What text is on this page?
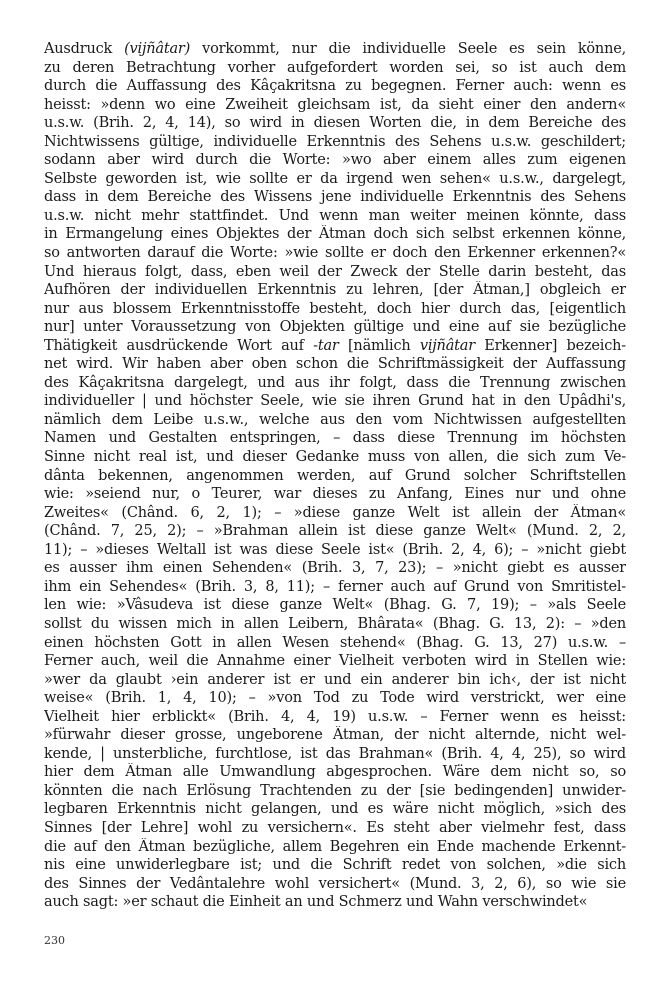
Ausdruck (vijñâtar) vorkommt, nur die individuelle Seele es sein könne,
zu deren Betrachtung vorher aufgefordert worden sei, so ist auch dem
durch die Auffassung des Kâçakritsna zu begegnen. Ferner auch: wenn es
heisst: »denn wo eine Zweiheit gleichsam ist, da sieht einer den andern«
u.s.w. (Brih. 2, 4, 14), so wird in diesen Worten die, in dem Bereiche des
Nichtwissens gültige, individuelle Erkenntnis des Sehens u.s.w. geschildert;
sodann aber wird durch die Worte: »wo aber einem alles zum eigenen
Selbste geworden ist, wie sollte er da irgend wen sehen« u.s.w., dargelegt,
dass in dem Bereiche des Wissens jene individuelle Erkenntnis des Sehens
u.s.w. nicht mehr stattfindet. Und wenn man weiter meinen könnte, dass
in Ermangelung eines Objektes der Âtman doch sich selbst erkennen könne,
so antworten darauf die Worte: »wie sollte er doch den Erkenner erkennen?«
Und hieraus folgt, dass, eben weil der Zweck der Stelle darin besteht, das
Aufhören der individuellen Erkenntnis zu lehren, [der Âtman,] obgleich er
nur aus blossem Erkenntnisstoffe besteht, doch hier durch das, [eigentlich
nur] unter Voraussetzung von Objekten gültige und eine auf sie bezügliche
Thätigkeit ausdrückende Wort auf -tar [nämlich vijñâtar Erkenner] bezeich-
net wird. Wir haben aber oben schon die Schriftmässigkeit der Auffassung
des Kâçakritsna dargelegt, und aus ihr folgt, dass die Trennung zwischen
individueller | und höchster Seele, wie sie ihren Grund hat in den Upâdhi's,
nämlich dem Leibe u.s.w., welche aus den vom Nichtwissen aufgestellten
Namen und Gestalten entspringen, – dass diese Trennung im höchsten
Sinne nicht real ist, und dieser Gedanke muss von allen, die sich zum Ve-
dânta bekennen, angenommen werden, auf Grund solcher Schriftstellen
wie: »seiend nur, o Teurer, war dieses zu Anfang, Eines nur und ohne
Zweites« (Chând. 6, 2, 1); – »diese ganze Welt ist allein der Âtman«
(Chând. 7, 25, 2); – »Brahman allein ist diese ganze Welt« (Mund. 2, 2,
11); – »dieses Weltall ist was diese Seele ist« (Brih. 2, 4, 6); – »nicht giebt
es ausser ihm einen Sehenden« (Brih. 3, 7, 23); – »nicht giebt es ausser
ihm ein Sehendes« (Brih. 3, 8, 11); – ferner auch auf Grund von Smritistel-
len wie: »Vâsudeva ist diese ganze Welt« (Bhag. G. 7, 19); – »als Seele
sollst du wissen mich in allen Leibern, Bhârata« (Bhag. G. 13, 2): – »den
einen höchsten Gott in allen Wesen stehend« (Bhag. G. 13, 27) u.s.w. –
Ferner auch, weil die Annahme einer Vielheit verboten wird in Stellen wie:
»wer da glaubt ›ein anderer ist er und ein anderer bin ich‹, der ist nicht
weise« (Brih. 1, 4, 10); – »von Tod zu Tode wird verstrickt, wer eine
Vielheit hier erblickt« (Brih. 4, 4, 19) u.s.w. – Ferner wenn es heisst:
»fürwahr dieser grosse, ungeborene Âtman, der nicht alternde, nicht wel-
kende, | unsterbliche, furchtlose, ist das Brahman« (Brih. 4, 4, 25), so wird
hier dem Âtman alle Umwandlung abgesprochen. Wäre dem nicht so, so
könnten die nach Erlösung Trachtenden zu der [sie bedingenden] unwider-
legbaren Erkenntnis nicht gelangen, und es wäre nicht möglich, »sich des
Sinnes [der Lehre] wohl zu versichern«. Es steht aber vielmehr fest, dass
die auf den Âtman bezügliche, allem Begehren ein Ende machende Erkennt-
nis eine unwiderlegbare ist; und die Schrift redet von solchen, »die sich
des Sinnes der Vedântalehre wohl versichert« (Mund. 3, 2, 6), so wie sie
auch sagt: »er schaut die Einheit an und Schmerz und Wahn verschwindet«
230
